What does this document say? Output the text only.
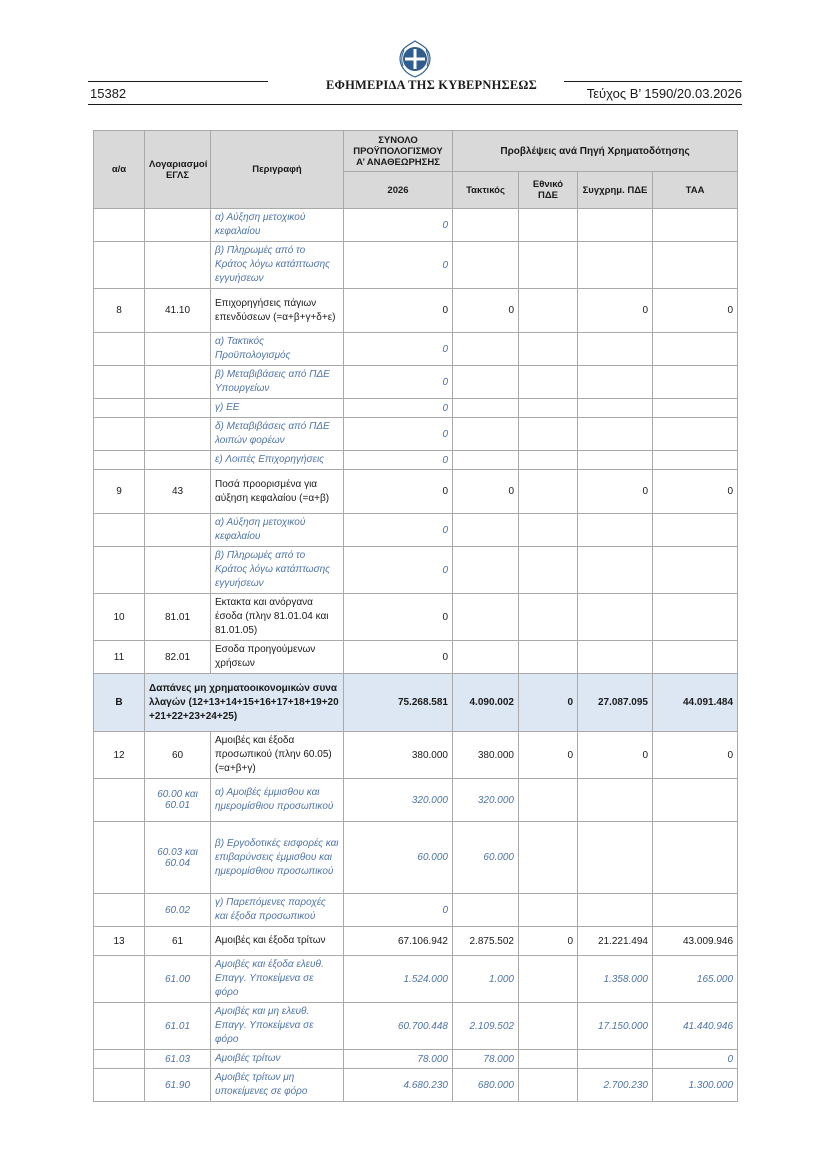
15382
ΕΦΗΜΕΡΙΔΑ ΤΗΣ ΚΥΒΕΡΝΗΣΕΩΣ
Τεύχος Β’ 1590/20.03.2026
α/α	Λογαριασμοί ΕΓΛΣ	Περιγραφή	ΣΥΝΟΛΟ ΠΡΟΫΠΟΛΟΓΙΣΜΟΥ Α’ ΑΝΑΘΕΩΡΗΣΗΣ	Προβλέψεις ανά Πηγή Χρηματοδότησης			
			2026	Τακτικός	Εθνικό ΠΔΕ	Συγχρημ. ΠΔΕ	ΤΑΑ
		α) Αύξηση μετοχικού κεφαλαίου	0				
		β) Πληρωμές από το Κράτος λόγω κατάπτωσης εγγυήσεων	0				
8	41.10	Επιχορηγήσεις πάγιων επενδύσεων (=α+β+γ+δ+ε)	0	0		0	0
		α) Τακτικός Προϋπολογισμός	0				
		β) Μεταβιβάσεις από ΠΔΕ Υπουργείων	0				
		γ) ΕΕ	0				
		δ) Μεταβιβάσεις από ΠΔΕ λοιπών φορέων	0				
		ε) Λοιπές Επιχορηγήσεις	0				
9	43	Ποσά προορισμένα για αύξηση κεφαλαίου (=α+β)	0	0		0	0
		α) Αύξηση μετοχικού κεφαλαίου	0				
		β) Πληρωμές από το Κράτος λόγω κατάπτωσης εγγυήσεων	0				
10	81.01	Εκτακτα και ανόργανα έσοδα (πλην 81.01.04 και 81.01.05)	0				
11	82.01	Εσοδα προηγούμενων χρήσεων	0				
Β	Δαπάνες μη χρηματοοικονομικών συναλλαγών (12+13+14+15+16+17+18+19+20+21+22+23+24+25)		75.268.581	4.090.002	0	27.087.095	44.091.484
12	60	Αμοιβές και έξοδα προσωπικού (πλην 60.05) (=α+β+γ)	380.000	380.000	0	0	0
	60.00 και 60.01	α) Αμοιβές έμμισθου και ημερομίσθιου προσωπικού	320.000	320.000			
	60.03 και 60.04	β) Εργοδοτικές εισφορές και επιβαρύνσεις έμμισθου και ημερομίσθιου προσωπικού	60.000	60.000			
	60.02	γ) Παρεπόμενες παροχές και έξοδα προσωπικού	0				
13	61	Αμοιβές και έξοδα τρίτων	67.106.942	2.875.502	0	21.221.494	43.009.946
	61.00	Αμοιβές και έξοδα ελευθ. Επαγγ. Υποκείμενα σε φόρο	1.524.000	1.000		1.358.000	165.000
	61.01	Αμοιβές και μη ελευθ. Επαγγ. Υποκείμενα σε φόρο	60.700.448	2.109.502		17.150.000	41.440.946
	61.03	Αμοιβές τρίτων	78.000	78.000			0
	61.90	Αμοιβές τρίτων μη υποκείμενες σε φόρο	4.680.230	680.000		2.700.230	1.300.000
